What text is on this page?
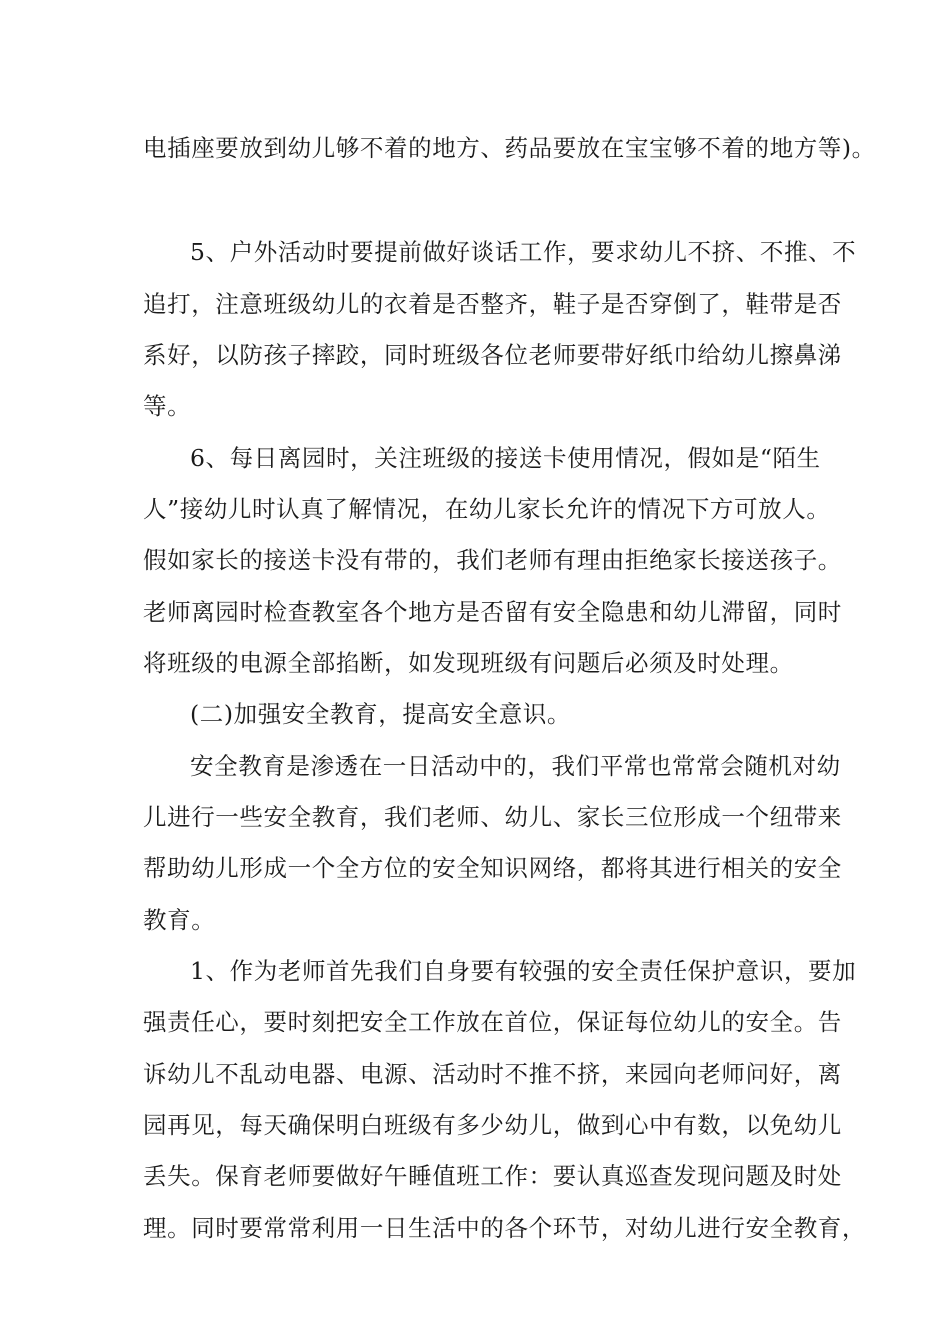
电插座要放到幼儿够不着的地方、药品要放在宝宝够不着的地方等)。
5、户外活动时要提前做好谈话工作，要求幼儿不挤、不推、不
追打，注意班级幼儿的衣着是否整齐，鞋子是否穿倒了，鞋带是否
系好，以防孩子摔跤，同时班级各位老师要带好纸巾给幼儿擦鼻涕
等。
6、每日离园时，关注班级的接送卡使用情况，假如是“陌生
人”接幼儿时认真了解情况，在幼儿家长允许的情况下方可放人。
假如家长的接送卡没有带的，我们老师有理由拒绝家长接送孩子。
老师离园时检查教室各个地方是否留有安全隐患和幼儿滞留，同时
将班级的电源全部掐断，如发现班级有问题后必须及时处理。
(二)加强安全教育，提高安全意识。
安全教育是渗透在一日活动中的，我们平常也常常会随机对幼
儿进行一些安全教育，我们老师、幼儿、家长三位形成一个纽带来
帮助幼儿形成一个全方位的安全知识网络，都将其进行相关的安全
教育。
1、作为老师首先我们自身要有较强的安全责任保护意识，要加
强责任心，要时刻把安全工作放在首位，保证每位幼儿的安全。告
诉幼儿不乱动电器、电源、活动时不推不挤，来园向老师问好，离
园再见，每天确保明白班级有多少幼儿，做到心中有数，以免幼儿
丢失。保育老师要做好午睡值班工作：要认真巡查发现问题及时处
理。同时要常常利用一日生活中的各个环节，对幼儿进行安全教育，
